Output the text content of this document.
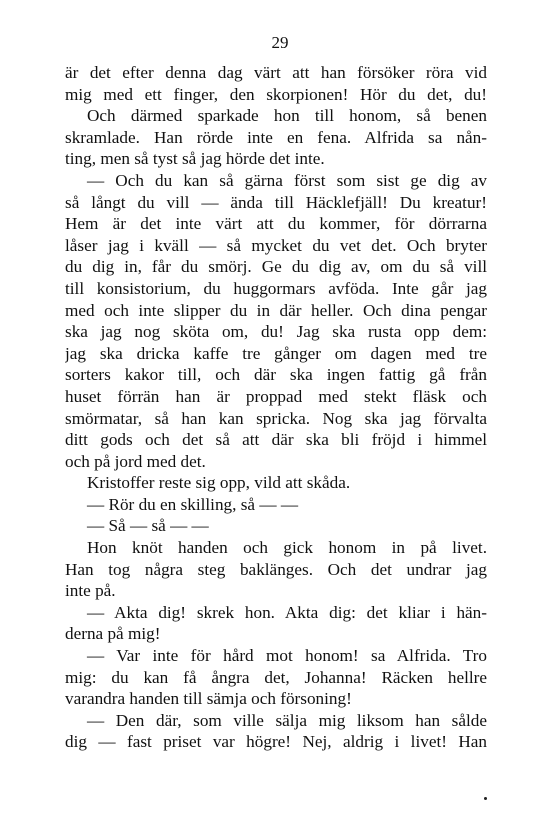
29
är det efter denna dag värt att han försöker röra vid
mig med ett finger, den skorpionen! Hör du det, du!
Och därmed sparkade hon till honom, så benen
skramlade. Han rörde inte en fena. Alfrida sa nån-
ting, men så tyst så jag hörde det inte.
— Och du kan så gärna först som sist ge dig av
så långt du vill — ända till Häcklefjäll! Du kreatur!
Hem är det inte värt att du kommer, för dörrarna
låser jag i kväll — så mycket du vet det. Och bryter
du dig in, får du smörj. Ge du dig av, om du så vill
till konsistorium, du huggormars avföda. Inte går jag
med och inte slipper du in där heller. Och dina pengar
ska jag nog sköta om, du! Jag ska rusta opp dem:
jag ska dricka kaffe tre gånger om dagen med tre
sorters kakor till, och där ska ingen fattig gå från
huset förrän han är proppad med stekt fläsk och
smörmatar, så han kan spricka. Nog ska jag förvalta
ditt gods och det så att där ska bli fröjd i himmel
och på jord med det.
Kristoffer reste sig opp, vild att skåda.
— Rör du en skilling, så — —
— Så — så — —
Hon knöt handen och gick honom in på livet.
Han tog några steg baklänges. Och det undrar jag
inte på.
— Akta dig! skrek hon. Akta dig: det kliar i hän-
derna på mig!
— Var inte för hård mot honom! sa Alfrida. Tro
mig: du kan få ångra det, Johanna! Räcken hellre
varandra handen till sämja och försoning!
— Den där, som ville sälja mig liksom han sålde
dig — fast priset var högre! Nej, aldrig i livet! Han
